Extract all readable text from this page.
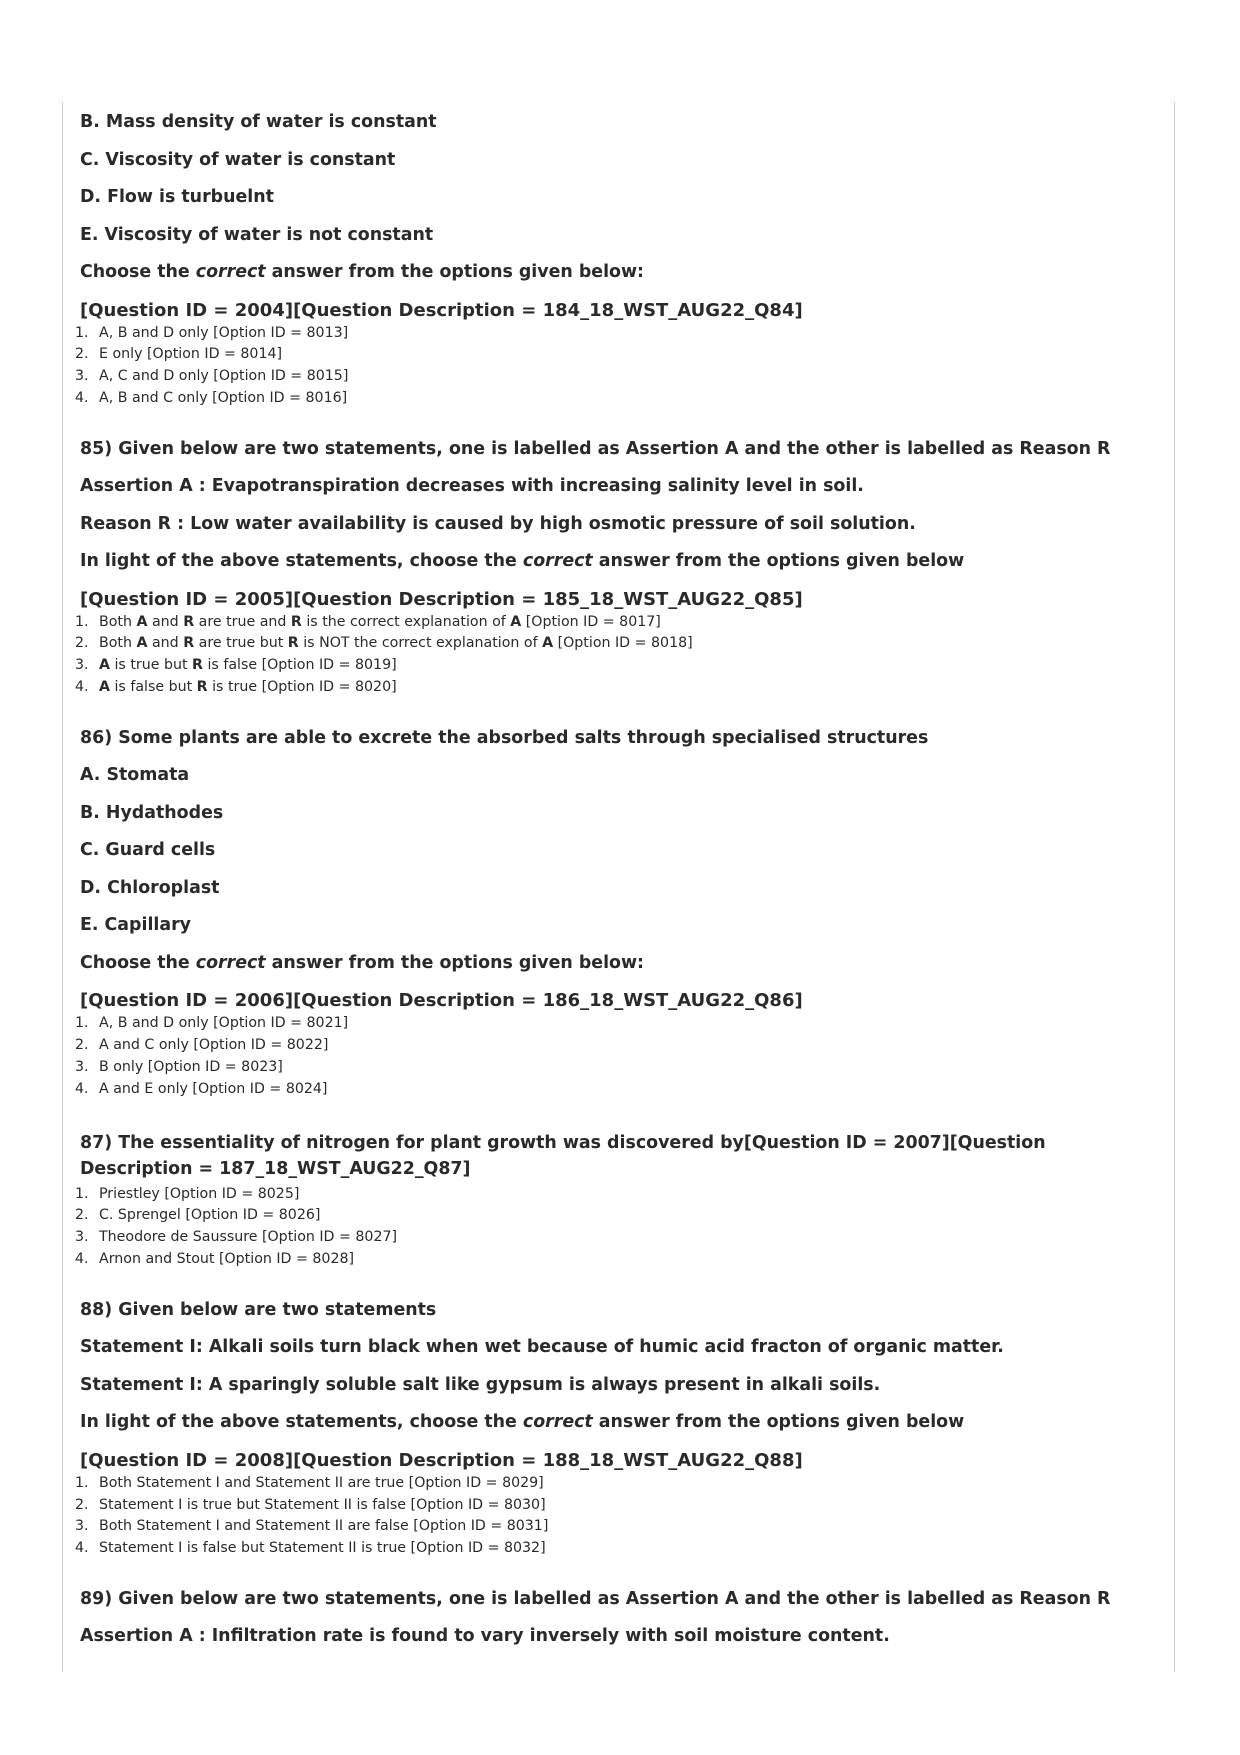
B. Mass density of water is constant

C. Viscosity of water is constant

D. Flow is turbuelnt

E. Viscosity of water is not constant

Choose the correct answer from the options given below:

[Question ID = 2004][Question Description = 184_18_WST_AUG22_Q84]

1. A, B and D only [Option ID = 8013]
2. E only [Option ID = 8014]
3. A, C and D only [Option ID = 8015]
4. A, B and C only [Option ID = 8016]

85) Given below are two statements, one is labelled as Assertion A and the other is labelled as Reason R

Assertion A : Evapotranspiration decreases with increasing salinity level in soil.

Reason R : Low water availability is caused by high osmotic pressure of soil solution.

In light of the above statements, choose the correct answer from the options given below

[Question ID = 2005][Question Description = 185_18_WST_AUG22_Q85]

1. Both A and R are true and R is the correct explanation of A [Option ID = 8017]
2. Both A and R are true but R is NOT the correct explanation of A [Option ID = 8018]
3. A is true but R is false [Option ID = 8019]
4. A is false but R is true [Option ID = 8020]

86) Some plants are able to excrete the absorbed salts through specialised structures

A. Stomata

B. Hydathodes

C. Guard cells

D. Chloroplast

E. Capillary

Choose the correct answer from the options given below:

[Question ID = 2006][Question Description = 186_18_WST_AUG22_Q86]

1. A, B and D only [Option ID = 8021]
2. A and C only [Option ID = 8022]
3. B only [Option ID = 8023]
4. A and E only [Option ID = 8024]

87) The essentiality of nitrogen for plant growth was discovered by[Question ID = 2007][Question Description = 187_18_WST_AUG22_Q87]

1. Priestley [Option ID = 8025]
2. C. Sprengel [Option ID = 8026]
3. Theodore de Saussure [Option ID = 8027]
4. Arnon and Stout [Option ID = 8028]

88) Given below are two statements

Statement I: Alkali soils turn black when wet because of humic acid fracton of organic matter.

Statement I: A sparingly soluble salt like gypsum is always present in alkali soils.

In light of the above statements, choose the correct answer from the options given below

[Question ID = 2008][Question Description = 188_18_WST_AUG22_Q88]

1. Both Statement I and Statement II are true [Option ID = 8029]
2. Statement I is true but Statement II is false [Option ID = 8030]
3. Both Statement I and Statement II are false [Option ID = 8031]
4. Statement I is false but Statement II is true [Option ID = 8032]

89) Given below are two statements, one is labelled as Assertion A and the other is labelled as Reason R

Assertion A : Infiltration rate is found to vary inversely with soil moisture content.
